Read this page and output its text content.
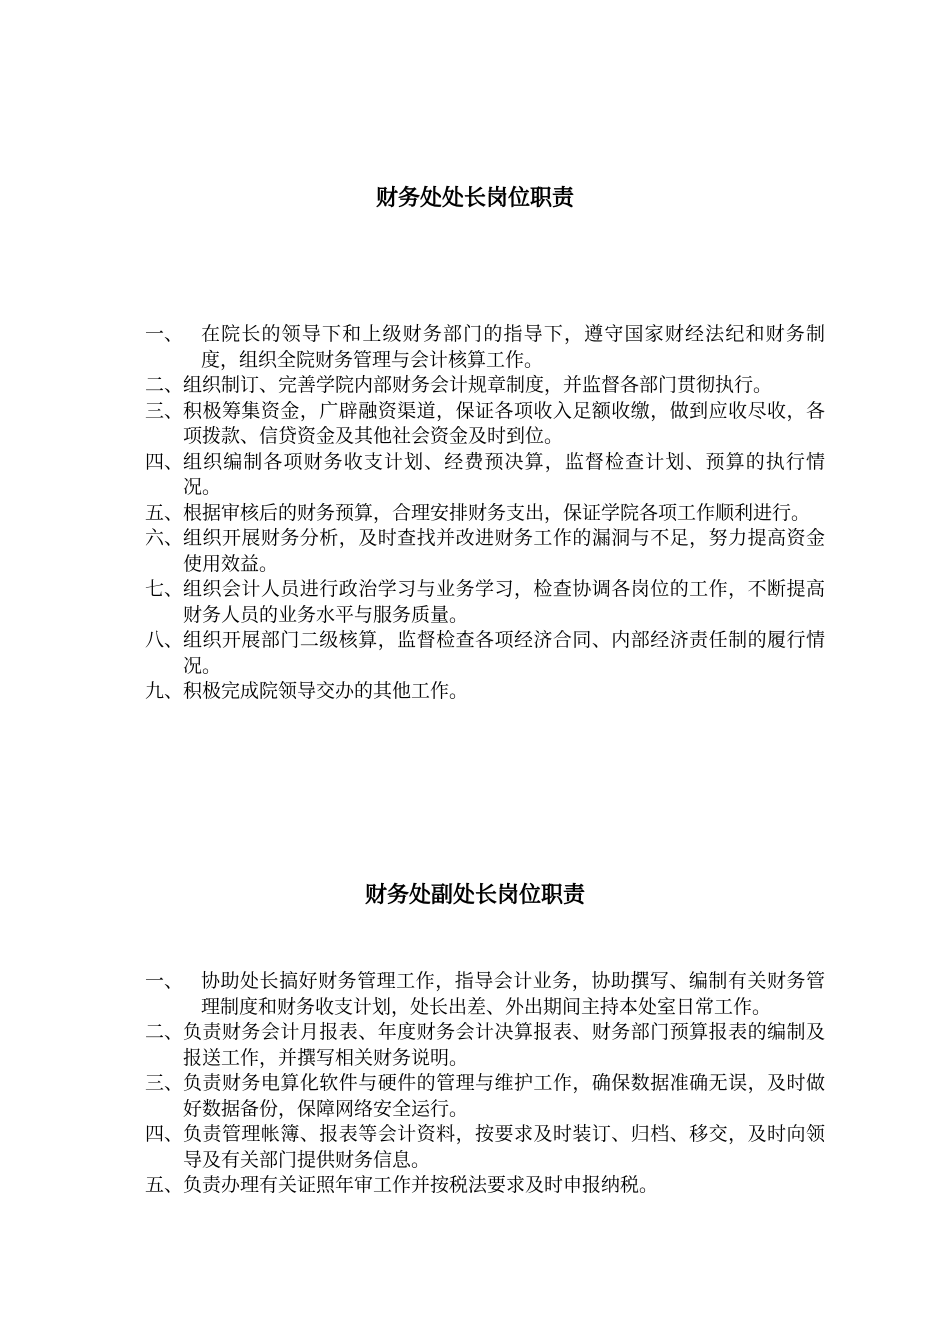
财务处处长岗位职责
一、 在院长的领导下和上级财务部门的指导下，遵守国家财经法纪和财务制度，组织全院财务管理与会计核算工作。
二、 组织制订、完善学院内部财务会计规章制度，并监督各部门贯彻执行。
三、 积极筹集资金，广辟融资渠道，保证各项收入足额收缴，做到应收尽收，各项拨款、信贷资金及其他社会资金及时到位。
四、 组织编制各项财务收支计划、经费预决算，监督检查计划、预算的执行情况。
五、 根据审核后的财务预算，合理安排财务支出，保证学院各项工作顺利进行。
六、 组织开展财务分析，及时查找并改进财务工作的漏洞与不足，努力提高资金使用效益。
七、 组织会计人员进行政治学习与业务学习，检查协调各岗位的工作，不断提高财务人员的业务水平与服务质量。
八、 组织开展部门二级核算，监督检查各项经济合同、内部经济责任制的履行情况。
九、 积极完成院领导交办的其他工作。
财务处副处长岗位职责
一、 协助处长搞好财务管理工作，指导会计业务，协助撰写、编制有关财务管理制度和财务收支计划，处长出差、外出期间主持本处室日常工作。
二、 负责财务会计月报表、年度财务会计决算报表、财务部门预算报表的编制及报送工作，并撰写相关财务说明。
三、 负责财务电算化软件与硬件的管理与维护工作，确保数据准确无误，及时做好数据备份，保障网络安全运行。
四、 负责管理帐簿、报表等会计资料，按要求及时装订、归档、移交，及时向领导及有关部门提供财务信息。
五、 负责办理有关证照年审工作并按税法要求及时申报纳税。
